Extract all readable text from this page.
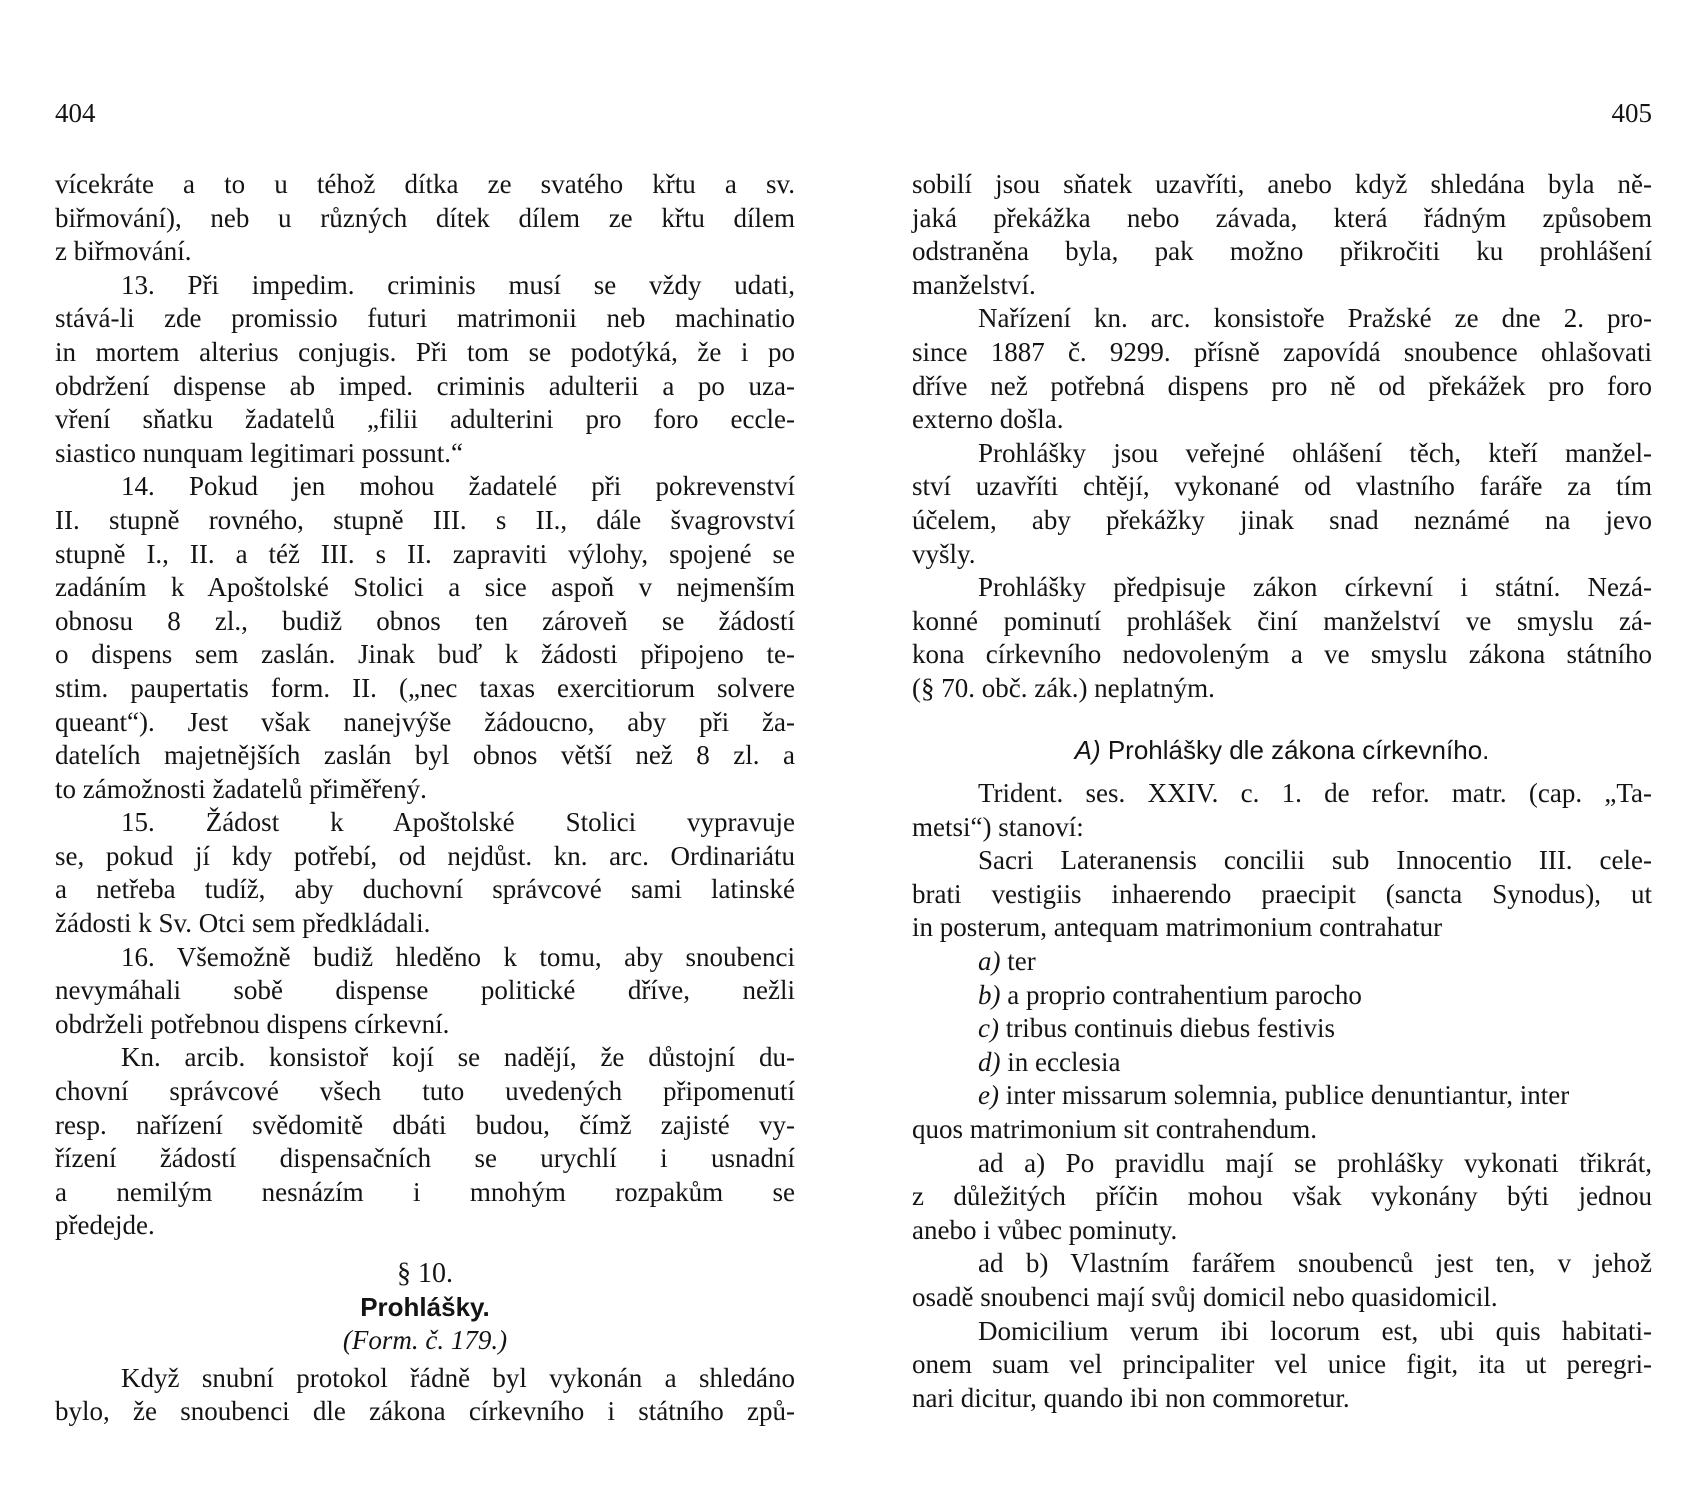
404

vícekráte a to u téhož dítka ze svatého křtu a sv.
biřmování), neb u různých dítek dílem ze křtu dílem
z biřmování.
13. Při impedim. criminis musí se vždy udati,
stává-li zde promissio futuri matrimonii neb machinatio
in mortem alterius conjugis. Při tom se podotýká, že i po
obdržení dispense ab imped. criminis adulterii a po uza-
vření sňatku žadatelů „filii adulterini pro foro eccle-
siastico nunquam legitimari possunt.“
14. Pokud jen mohou žadatelé při pokrevenství
II. stupně rovného, stupně III. s II., dále švagrovství
stupně I., II. a též III. s II. zapraviti výlohy, spojené se
zadáním k Apoštolské Stolici a sice aspoň v nejmenším
obnosu 8 zl., budiž obnos ten zároveň se žádostí
o dispens sem zaslán. Jinak buď k žádosti připojeno te-
stim. paupertatis form. II. („nec taxas exercitiorum solvere
queant“). Jest však nanejvýše žádoucno, aby při ža-
datelích majetnějších zaslán byl obnos větší než 8 zl. a
to zámožnosti žadatelů přiměřený.
15. Žádost k Apoštolské Stolici vypravuje
se, pokud jí kdy potřebí, od nejdůst. kn. arc. Ordinariátu
a netřeba tudíž, aby duchovní správcové sami latinské
žádosti k Sv. Otci sem předkládali.
16. Všemožně budiž hleděno k tomu, aby snoubenci
nevymáhali sobě dispense politické dříve, nežli
obdrželi potřebnou dispens církevní.
Kn. arcib. konsistoř kojí se nadějí, že důstojní du-
chovní správcové všech tuto uvedených připomenutí
resp. nařízení svědomitě dbáti budou, čímž zajisté vy-
řízení žádostí dispensačních se urychlí i usnadní
a nemilým nesnázím i mnohým rozpakům se
předejde.
§ 10.
Prohlášky.
(Form. č. 179.)
Když snubní protokol řádně byl vykonán a shledáno
bylo, že snoubenci dle zákona církevního i státního způ-

405

sobilí jsou sňatek uzavříti, anebo když shledána byla ně-
jaká překážka nebo závada, která řádným způsobem
odstraněna byla, pak možno přikročiti ku prohlášení
manželství.
Nařízení kn. arc. konsistoře Pražské ze dne 2. pro-
since 1887 č. 9299. přísně zapovídá snoubence ohlašovati
dříve než potřebná dispens pro ně od překážek pro foro
externo došla.
Prohlášky jsou veřejné ohlášení těch, kteří manžel-
ství uzavříti chtějí, vykonané od vlastního faráře za tím
účelem, aby překážky jinak snad neznámé na jevo
vyšly.
Prohlášky předpisuje zákon církevní i státní. Nezá-
konné pominutí prohlášek činí manželství ve smyslu zá-
kona církevního nedovoleným a ve smyslu zákona státního
(§ 70. obč. zák.) neplatným.
A) Prohlášky dle zákona církevního.
Trident. ses. XXIV. c. 1. de refor. matr. (cap. „Ta-
metsi“) stanoví:
Sacri Lateranensis concilii sub Innocentio III. cele-
brati vestigiis inhaerendo praecipit (sancta Synodus), ut
in posterum, antequam matrimonium contrahatur
a) ter
b) a proprio contrahentium parocho
c) tribus continuis diebus festivis
d) in ecclesia
e) inter missarum solemnia, publice denuntiantur, inter
quos matrimonium sit contrahendum.
ad a) Po pravidlu mají se prohlášky vykonati třikrát,
z důležitých příčin mohou však vykonány býti jednou
anebo i vůbec pominuty.
ad b) Vlastním farářem snoubenců jest ten, v jehož
osadě snoubenci mají svůj domicil nebo quasidomicil.
Domicilium verum ibi locorum est, ubi quis habitati-
onem suam vel principaliter vel unice figit, ita ut peregri-
nari dicitur, quando ibi non commoretur.
